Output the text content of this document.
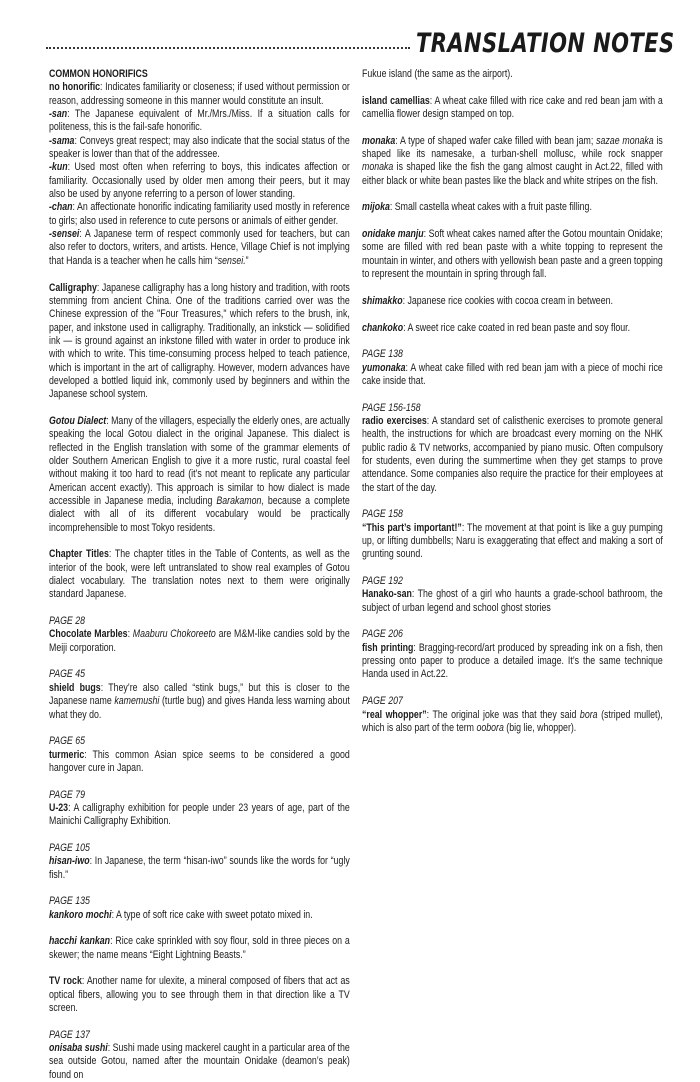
TRANSLATION NOTES
COMMON HONORIFICS
no honorific: Indicates familiarity or closeness; if used without permission or reason, addressing someone in this manner would constitute an insult.
-san: The Japanese equivalent of Mr./Mrs./Miss. If a situation calls for politeness, this is the fail-safe honorific.
-sama: Conveys great respect; may also indicate that the social status of the speaker is lower than that of the addressee.
-kun: Used most often when referring to boys, this indicates affection or familiarity. Occasionally used by older men among their peers, but it may also be used by anyone referring to a person of lower standing.
-chan: An affectionate honorific indicating familiarity used mostly in reference to girls; also used in reference to cute persons or animals of either gender.
-sensei: A Japanese term of respect commonly used for teachers, but can also refer to doctors, writers, and artists. Hence, Village Chief is not implying that Handa is a teacher when he calls him “sensei.”
Calligraphy: Japanese calligraphy has a long history and tradition, with roots stemming from ancient China. One of the traditions carried over was the Chinese expression of the "Four Treasures," which refers to the brush, ink, paper, and inkstone used in calligraphy. Traditionally, an inkstick — solidified ink — is ground against an inkstone filled with water in order to produce ink with which to write. This time-consuming process helped to teach patience, which is important in the art of calligraphy. However, modern advances have developed a bottled liquid ink, commonly used by beginners and within the Japanese school system.
Gotou Dialect: Many of the villagers, especially the elderly ones, are actually speaking the local Gotou dialect in the original Japanese. This dialect is reflected in the English translation with some of the grammar elements of older Southern American English to give it a more rustic, rural coastal feel without making it too hard to read (it’s not meant to replicate any particular American accent exactly). This approach is similar to how dialect is made accessible in Japanese media, including Barakamon, because a complete dialect with all of its different vocabulary would be practically incomprehensible to most Tokyo residents.
Chapter Titles: The chapter titles in the Table of Contents, as well as the interior of the book, were left untranslated to show real examples of Gotou dialect vocabulary. The translation notes next to them were originally standard Japanese.
PAGE 28
Chocolate Marbles: Maaburu Chokoreeto are M&M-like candies sold by the Meiji corporation.
PAGE 45
shield bugs: They’re also called “stink bugs,” but this is closer to the Japanese name kamemushi (turtle bug) and gives Handa less warning about what they do.
PAGE 65
turmeric: This common Asian spice seems to be considered a good hangover cure in Japan.
PAGE 79
U-23: A calligraphy exhibition for people under 23 years of age, part of the Mainichi Calligraphy Exhibition.
PAGE 105
hisan-iwo: In Japanese, the term “hisan-iwo” sounds like the words for “ugly fish.”
PAGE 135
kankoro mochi: A type of soft rice cake with sweet potato mixed in.
hacchi kankan: Rice cake sprinkled with soy flour, sold in three pieces on a skewer; the name means “Eight Lightning Beasts.”
TV rock: Another name for ulexite, a mineral composed of fibers that act as optical fibers, allowing you to see through them in that direction like a TV screen.
PAGE 137
onisaba sushi: Sushi made using mackerel caught in a particular area of the sea outside Gotou, named after the mountain Onidake (deamon’s peak) found on
Fukue island (the same as the airport).
island camellias: A wheat cake filled with rice cake and red bean jam with a camellia flower design stamped on top.
monaka: A type of shaped wafer cake filled with bean jam; sazae monaka is shaped like its namesake, a turban-shell mollusc, while rock snapper monaka is shaped like the fish the gang almost caught in Act.22, filled with either black or white bean pastes like the black and white stripes on the fish.
mijoka: Small castella wheat cakes with a fruit paste filling.
onidake manju: Soft wheat cakes named after the Gotou mountain Onidake; some are filled with red bean paste with a white topping to represent the mountain in winter, and others with yellowish bean paste and a green topping to represent the mountain in spring through fall.
shimakko: Japanese rice cookies with cocoa cream in between.
chankoko: A sweet rice cake coated in red bean paste and soy flour.
PAGE 138
yumonaka: A wheat cake filled with red bean jam with a piece of mochi rice cake inside that.
PAGE 156-158
radio exercises: A standard set of calisthenic exercises to promote general health, the instructions for which are broadcast every morning on the NHK public radio & TV networks, accompanied by piano music. Often compulsory for students, even during the summertime when they get stamps to prove attendance. Some companies also require the practice for their employees at the start of the day.
PAGE 158
“This part’s important!”: The movement at that point is like a guy pumping up, or lifting dumbbells; Naru is exaggerating that effect and making a sort of grunting sound.
PAGE 192
Hanako-san: The ghost of a girl who haunts a grade-school bathroom, the subject of urban legend and school ghost stories
PAGE 206
fish printing: Bragging-record/art produced by spreading ink on a fish, then pressing onto paper to produce a detailed image. It’s the same technique Handa used in Act.22.
PAGE 207
“real whopper”: The original joke was that they said bora (striped mullet), which is also part of the term oobora (big lie, whopper).
